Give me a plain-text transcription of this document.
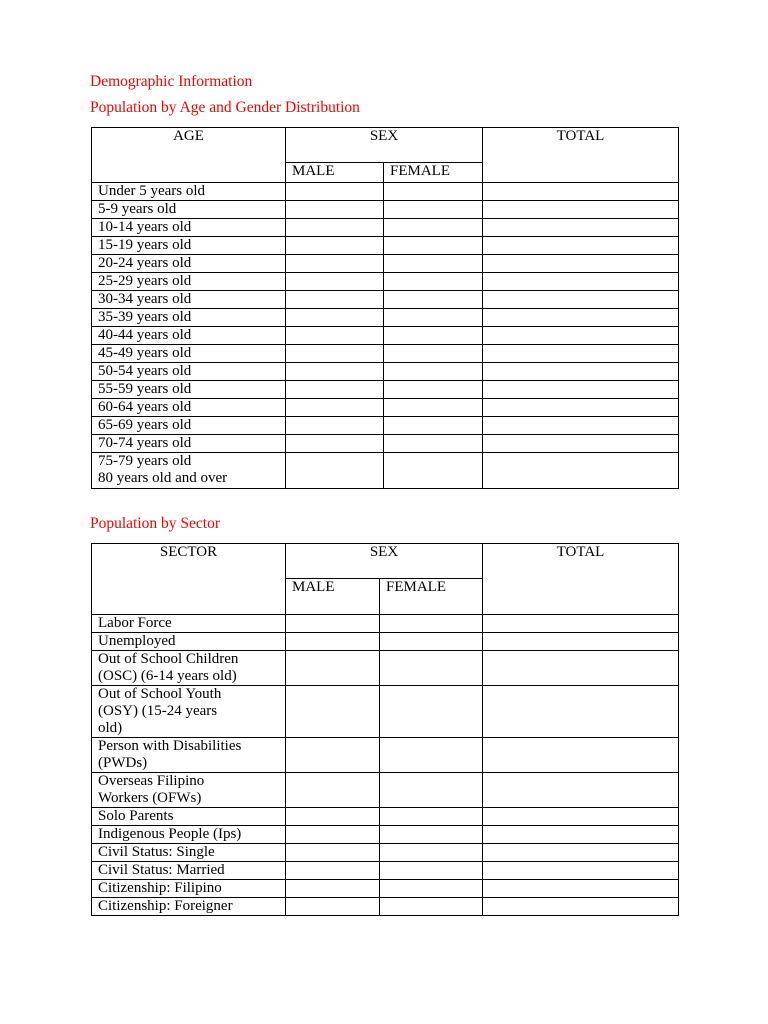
Demographic Information

Population by Age and Gender Distribution

AGE	SEX		TOTAL
	MALE	FEMALE	
Under 5 years old			
5-9 years old			
10-14 years old			
15-19 years old			
20-24 years old			
25-29 years old			
30-34 years old			
35-39 years old			
40-44 years old			
45-49 years old			
50-54 years old			
55-59 years old			
60-64 years old			
65-69 years old			
70-74 years old			

75-79 years old
80 years old and over			

Population by Sector

SECTOR	SEX		TOTAL
	MALE	FEMALE	

Labor Force			

Unemployed			

Out of School Children
(OSC) (6-14 years old)			

Out of School Youth
(OSY) (15-24 years
old)			

Person with Disabilities
(PWDs)			

Overseas Filipino
Workers (OFWs)			

Solo Parents			

Indigenous People (Ips)			

Civil Status: Single			

Civil Status: Married			

Citizenship: Filipino			

Citizenship: Foreigner			
